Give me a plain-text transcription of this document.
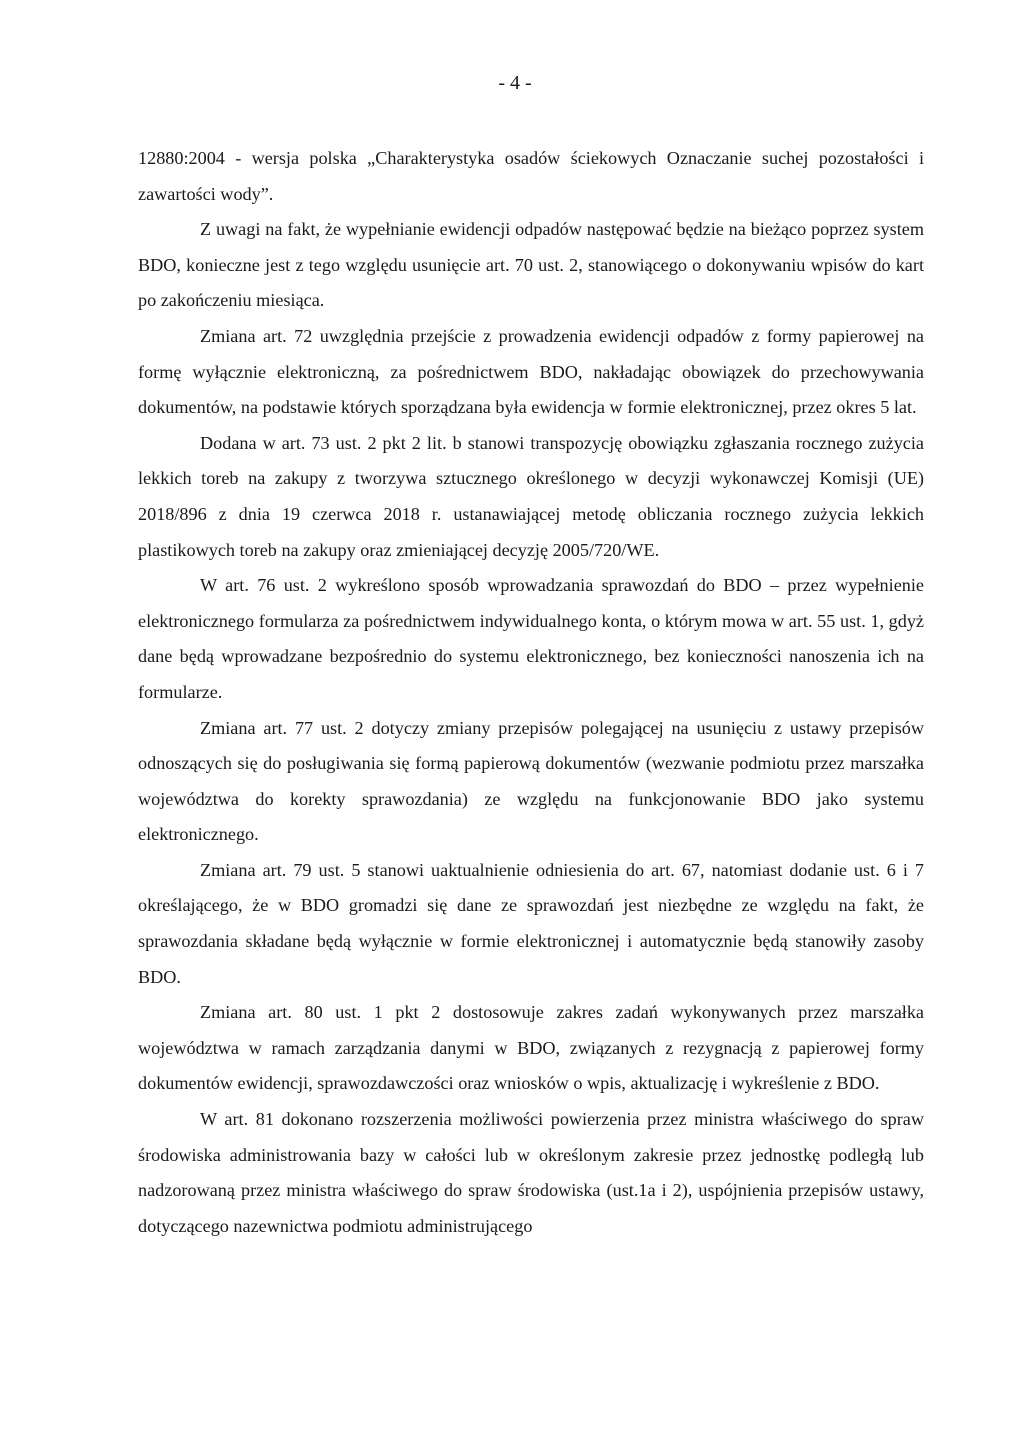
- 4 -

12880:2004 - wersja polska „Charakterystyka osadów ściekowych Oznaczanie suchej pozostałości i zawartości wody”.

Z uwagi na fakt, że wypełnianie ewidencji odpadów następować będzie na bieżąco poprzez system BDO, konieczne jest z tego względu usunięcie art. 70 ust. 2, stanowiącego o dokonywaniu wpisów do kart po zakończeniu miesiąca.

Zmiana art. 72 uwzględnia przejście z prowadzenia ewidencji odpadów z formy papierowej na formę wyłącznie elektroniczną, za pośrednictwem BDO, nakładając obowiązek do przechowywania dokumentów, na podstawie których sporządzana była ewidencja w formie elektronicznej, przez okres 5 lat.

Dodana w art. 73 ust. 2 pkt 2 lit. b stanowi transpozycję obowiązku zgłaszania rocznego zużycia lekkich toreb na zakupy z tworzywa sztucznego określonego w decyzji wykonawczej Komisji (UE) 2018/896 z dnia 19 czerwca 2018 r. ustanawiającej metodę obliczania rocznego zużycia lekkich plastikowych toreb na zakupy oraz zmieniającej decyzję 2005/720/WE.

W art. 76 ust. 2 wykreślono sposób wprowadzania sprawozdań do BDO – przez wypełnienie elektronicznego formularza za pośrednictwem indywidualnego konta, o którym mowa w art. 55 ust. 1, gdyż dane będą wprowadzane bezpośrednio do systemu elektronicznego, bez konieczności nanoszenia ich na formularze.

Zmiana art. 77 ust. 2 dotyczy zmiany przepisów polegającej na usunięciu z ustawy przepisów odnoszących się do posługiwania się formą papierową dokumentów (wezwanie podmiotu przez marszałka województwa do korekty sprawozdania) ze względu na funkcjonowanie BDO jako systemu elektronicznego.

Zmiana art. 79 ust. 5 stanowi uaktualnienie odniesienia do art. 67, natomiast dodanie ust. 6 i 7 określającego, że w BDO gromadzi się dane ze sprawozdań jest niezbędne ze względu na fakt, że sprawozdania składane będą wyłącznie w formie elektronicznej i automatycznie będą stanowiły zasoby BDO.

Zmiana art. 80 ust. 1 pkt 2 dostosowuje zakres zadań wykonywanych przez marszałka województwa w ramach zarządzania danymi w BDO, związanych z rezygnacją z papierowej formy dokumentów ewidencji, sprawozdawczości oraz wniosków o wpis, aktualizację i wykreślenie z BDO.

W art. 81 dokonano rozszerzenia możliwości powierzenia przez ministra właściwego do spraw środowiska administrowania bazy w całości lub w określonym zakresie przez jednostkę podległą lub nadzorowaną przez ministra właściwego do spraw środowiska (ust.1a i 2), uspójnienia przepisów ustawy, dotyczącego nazewnictwa podmiotu administrującego
